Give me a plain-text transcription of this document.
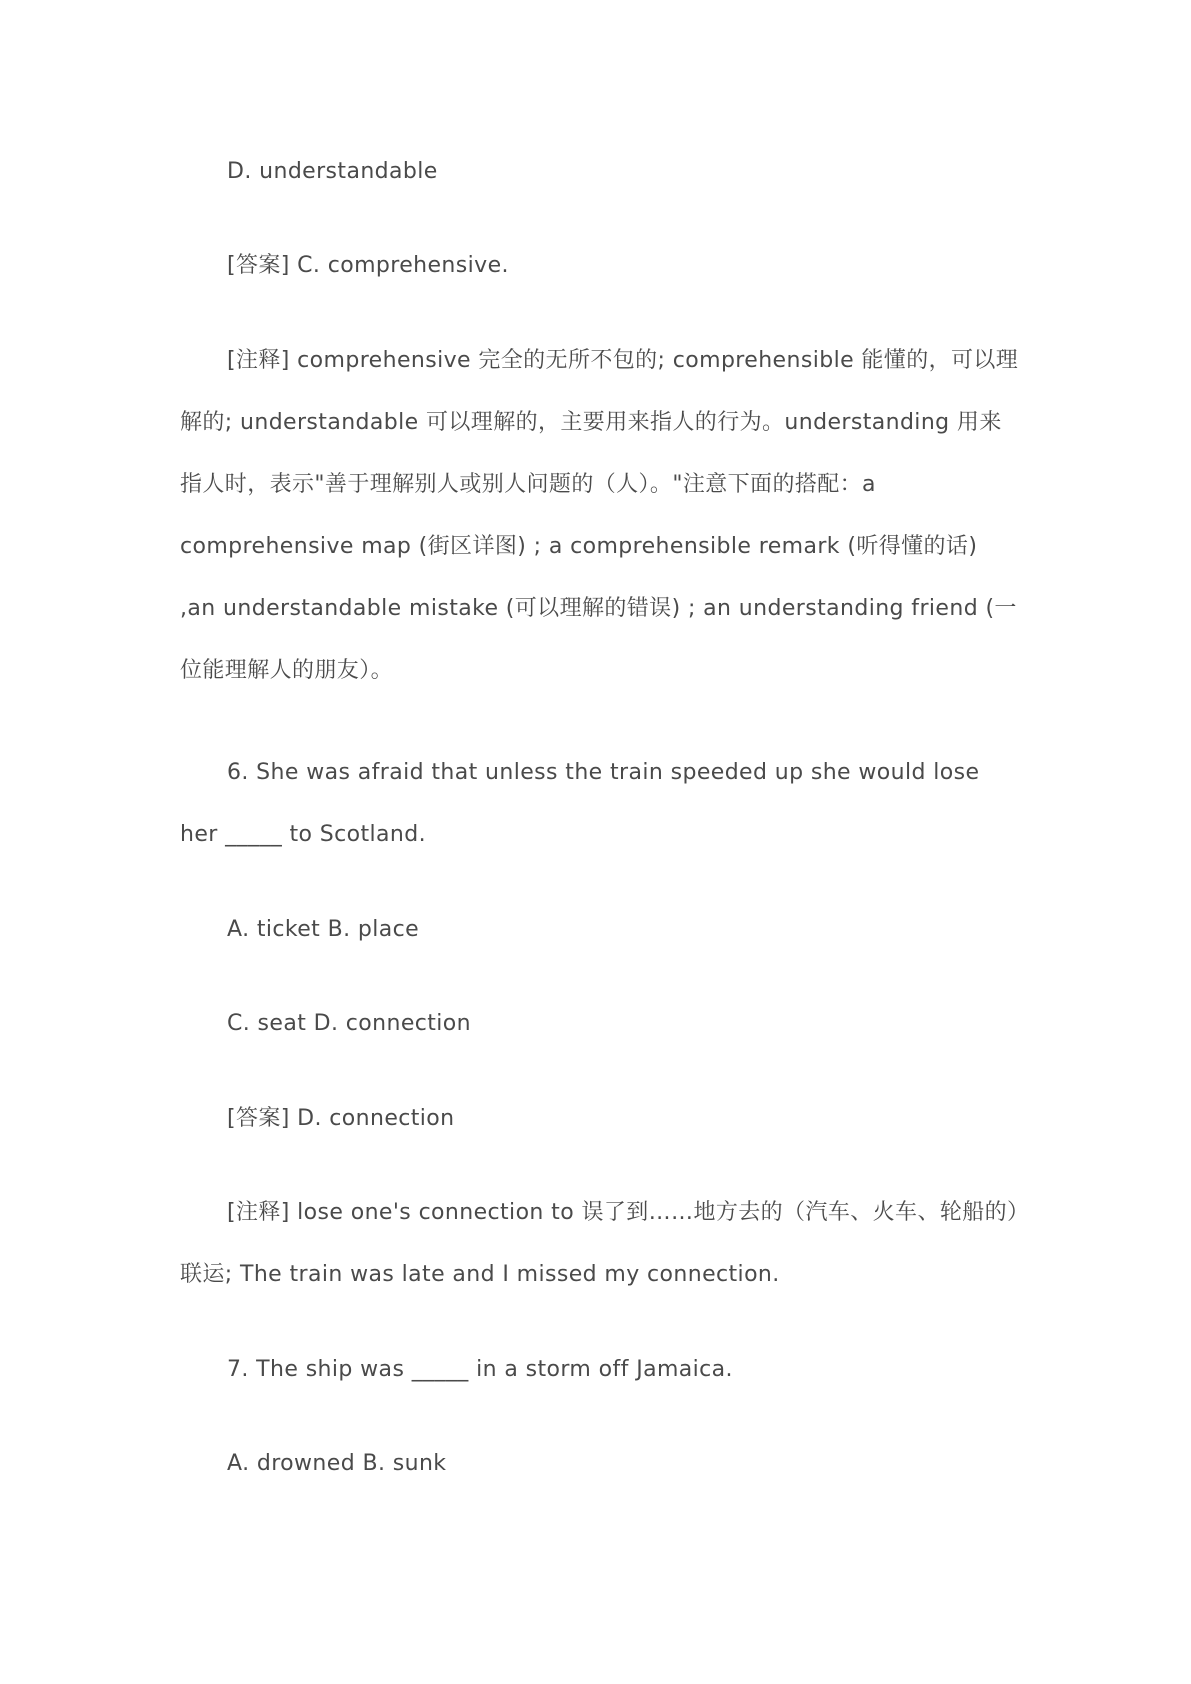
D. understandable

[答案] C. comprehensive.

[注释] comprehensive 完全的无所不包的; comprehensible 能懂的，可以理解的; understandable 可以理解的，主要用来指人的行为。understanding 用来指人时，表示"善于理解别人或别人问题的（人）。"注意下面的搭配：a comprehensive map (街区详图) ; a comprehensible remark (听得懂的话) ,an understandable mistake (可以理解的错误) ; an understanding friend (一位能理解人的朋友）。

6. She was afraid that unless the train speeded up she would lose her _____ to Scotland.

A. ticket B. place

C. seat D. connection

[答案] D. connection

[注释] lose one's connection to 误了到……地方去的（汽车、火车、轮船的）联运; The train was late and I missed my connection.

7. The ship was _____ in a storm off Jamaica.

A. drowned B. sunk
